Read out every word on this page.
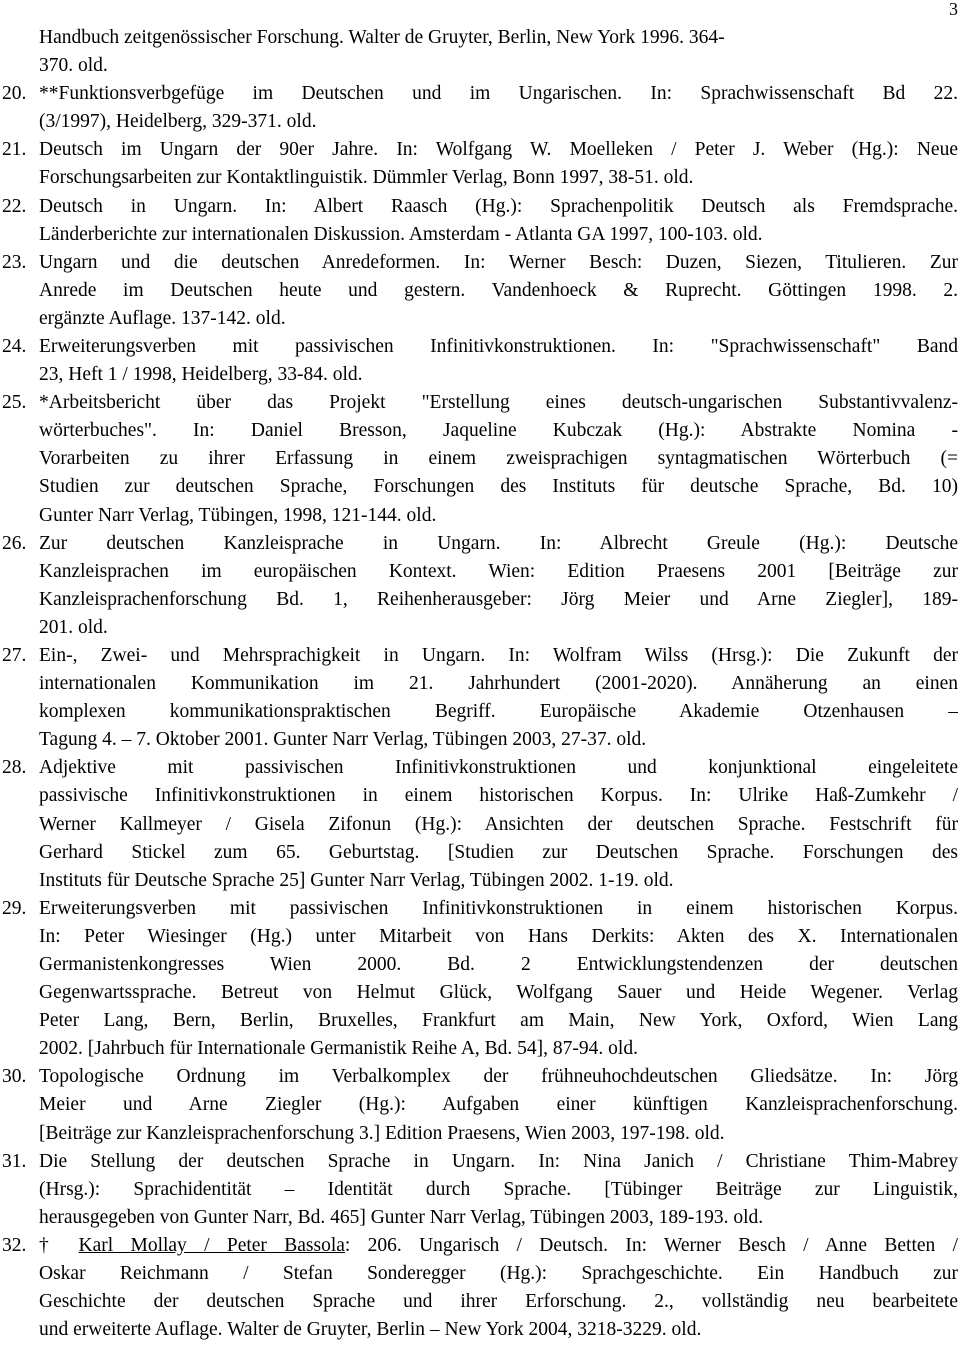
3
Handbuch zeitgenössischer Forschung. Walter de Gruyter, Berlin, New York 1996. 364-
370. old.
20. **Funktionsverbgefüge im Deutschen und im Ungarischen. In: Sprachwissenschaft Bd 22.
(3/1997), Heidelberg, 329-371. old.
21. Deutsch im Ungarn der 90er Jahre. In: Wolfgang W. Moelleken / Peter J. Weber (Hg.): Neue
Forschungsarbeiten zur Kontaktlinguistik. Dümmler Verlag, Bonn 1997, 38-51. old.
22. Deutsch in Ungarn. In: Albert Raasch (Hg.): Sprachenpolitik Deutsch als Fremdsprache.
Länderberichte zur internationalen Diskussion. Amsterdam - Atlanta GA 1997, 100-103. old.
23. Ungarn und die deutschen Anredeformen. In: Werner Besch: Duzen, Siezen, Titulieren. Zur
Anrede im Deutschen heute und gestern. Vandenhoeck & Ruprecht. Göttingen 1998. 2.
ergänzte Auflage. 137-142. old.
24. Erweiterungsverben mit passivischen Infinitivkonstruktionen. In: "Sprachwissenschaft" Band
23, Heft 1 / 1998, Heidelberg, 33-84. old.
25. *Arbeitsbericht über das Projekt "Erstellung eines deutsch-ungarischen Substantivvalenz-
wörterbuches". In: Daniel Bresson, Jaqueline Kubczak (Hg.): Abstrakte Nomina -
Vorarbeiten zu ihrer Erfassung in einem zweisprachigen syntagmatischen Wörterbuch (=
Studien zur deutschen Sprache, Forschungen des Instituts für deutsche Sprache, Bd. 10)
Gunter Narr Verlag, Tübingen, 1998, 121-144. old.
26. Zur deutschen Kanzleisprache in Ungarn. In: Albrecht Greule (Hg.): Deutsche
Kanzleisprachen im europäischen Kontext. Wien: Edition Praesens 2001 [Beiträge zur
Kanzleisprachenforschung Bd. 1, Reihenherausgeber: Jörg Meier und Arne Ziegler], 189-
201. old.
27. Ein-, Zwei- und Mehrsprachigkeit in Ungarn. In: Wolfram Wilss (Hrsg.): Die Zukunft der
internationalen Kommunikation im 21. Jahrhundert (2001-2020). Annäherung an einen
komplexen kommunikationspraktischen Begriff. Europäische Akademie Otzenhausen –
Tagung 4. – 7. Oktober 2001. Gunter Narr Verlag, Tübingen 2003, 27-37. old.
28. Adjektive mit passivischen Infinitivkonstruktionen und konjunktional eingeleitete
passivische Infinitivkonstruktionen in einem historischen Korpus. In: Ulrike Haß-Zumkehr /
Werner Kallmeyer / Gisela Zifonun (Hg.): Ansichten der deutschen Sprache. Festschrift für
Gerhard Stickel zum 65. Geburtstag. [Studien zur Deutschen Sprache. Forschungen des
Instituts für Deutsche Sprache 25] Gunter Narr Verlag, Tübingen 2002. 1-19. old.
29. Erweiterungsverben mit passivischen Infinitivkonstruktionen in einem historischen Korpus.
In: Peter Wiesinger (Hg.) unter Mitarbeit von Hans Derkits: Akten des X. Internationalen
Germanistenkongresses Wien 2000. Bd. 2 Entwicklungstendenzen der deutschen
Gegenwartssprache. Betreut von Helmut Glück, Wolfgang Sauer und Heide Wegener. Verlag
Peter Lang, Bern, Berlin, Bruxelles, Frankfurt am Main, New York, Oxford, Wien Lang
2002. [Jahrbuch für Internationale Germanistik Reihe A, Bd. 54], 87-94. old.
30. Topologische Ordnung im Verbalkomplex der frühneuhochdeutschen Gliedsätze. In: Jörg
Meier und Arne Ziegler (Hg.): Aufgaben einer künftigen Kanzleisprachenforschung.
[Beiträge zur Kanzleisprachenforschung 3.] Edition Praesens, Wien 2003, 197-198. old.
31. Die Stellung der deutschen Sprache in Ungarn. In: Nina Janich / Christiane Thim-Mabrey
(Hrsg.): Sprachidentität – Identität durch Sprache. [Tübinger Beiträge zur Linguistik,
herausgegeben von Gunter Narr, Bd. 465] Gunter Narr Verlag, Tübingen 2003, 189-193. old.
32. † Karl Mollay / Peter Bassola: 206. Ungarisch / Deutsch. In: Werner Besch / Anne Betten /
Oskar Reichmann / Stefan Sonderegger (Hg.): Sprachgeschichte. Ein Handbuch zur
Geschichte der deutschen Sprache und ihrer Erforschung. 2., vollständig neu bearbeitete
und erweiterte Auflage. Walter de Gruyter, Berlin – New York 2004, 3218-3229. old.
